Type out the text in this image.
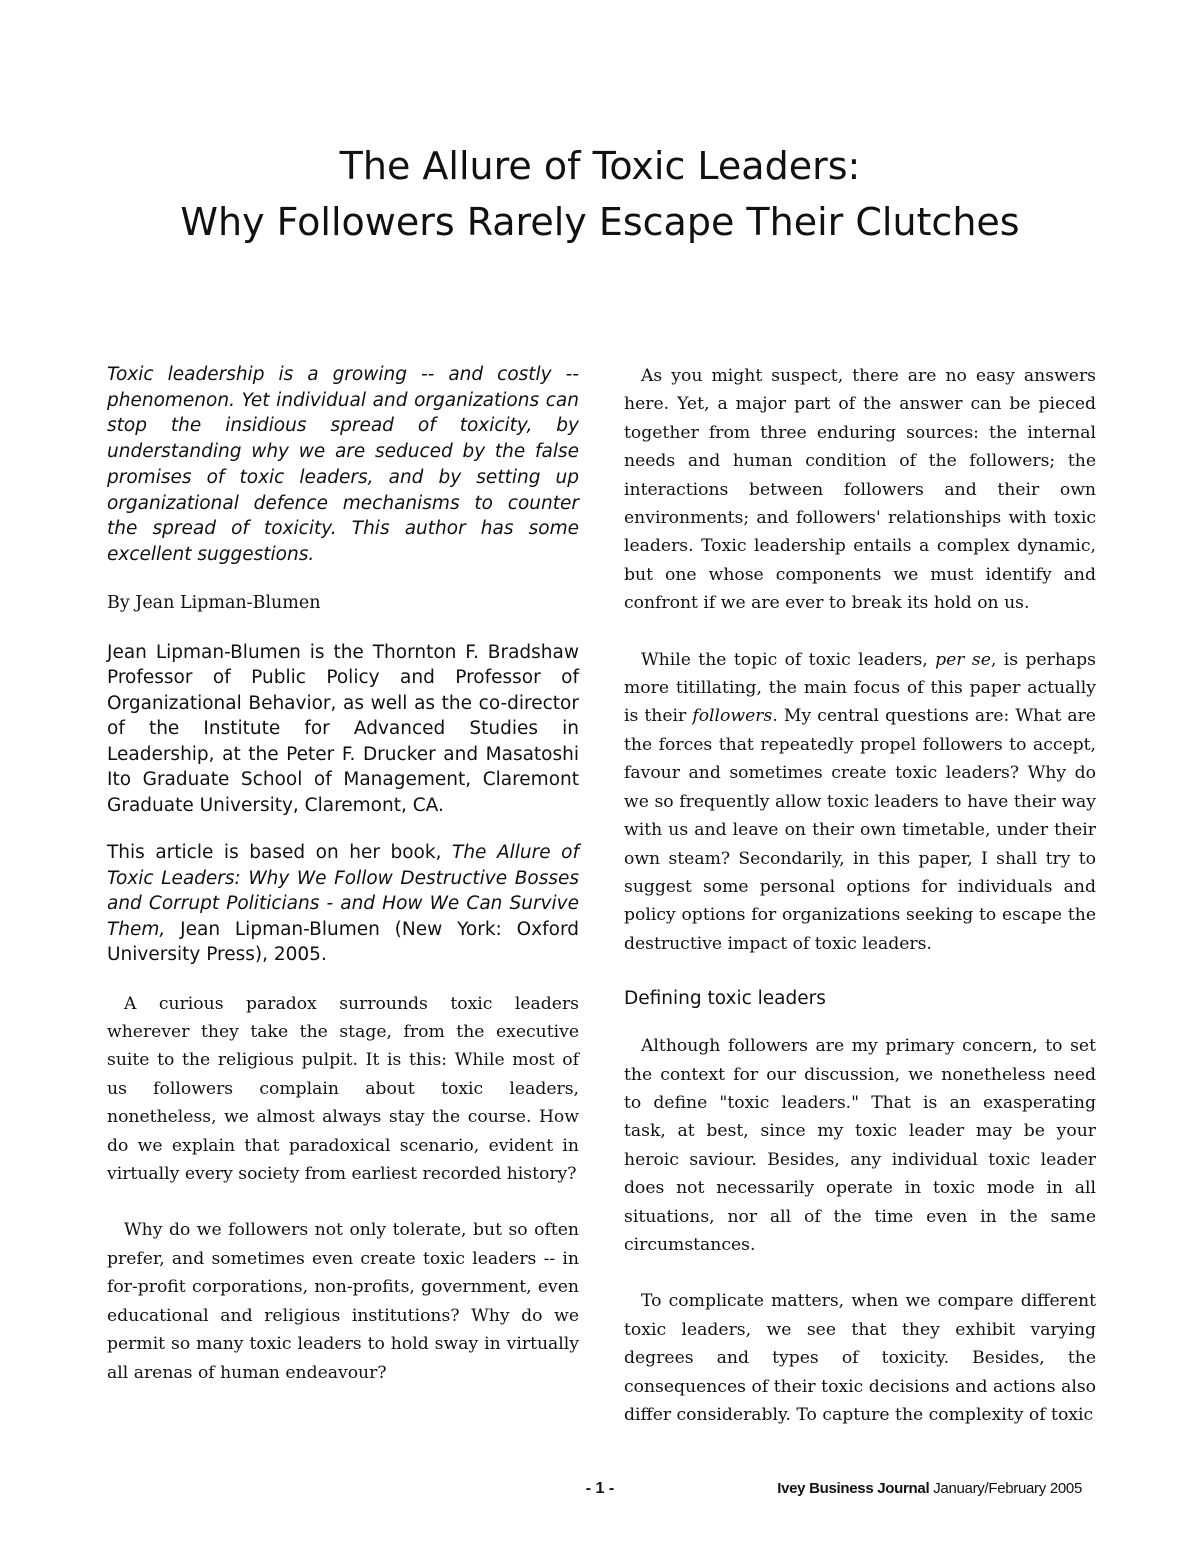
The Allure of Toxic Leaders:
Why Followers Rarely Escape Their Clutches

Toxic leadership is a growing -- and costly -- phenomenon. Yet individual and organizations can stop the insidious spread of toxicity, by understanding why we are seduced by the false promises of toxic leaders, and by setting up organizational defence mechanisms to counter the spread of toxicity. This author has some excellent suggestions.

By Jean Lipman-Blumen

Jean Lipman-Blumen is the Thornton F. Bradshaw Professor of Public Policy and Professor of Organizational Behavior, as well as the co-director of the Institute for Advanced Studies in Leadership, at the Peter F. Drucker and Masatoshi Ito Graduate School of Management, Claremont Graduate University, Claremont, CA.

This article is based on her book, The Allure of Toxic Leaders: Why We Follow Destructive Bosses and Corrupt Politicians - and How We Can Survive Them, Jean Lipman-Blumen (New York: Oxford University Press), 2005.

A curious paradox surrounds toxic leaders wherever they take the stage, from the executive suite to the religious pulpit. It is this: While most of us followers complain about toxic leaders, nonetheless, we almost always stay the course. How do we explain that paradoxical scenario, evident in virtually every society from earliest recorded history?

Why do we followers not only tolerate, but so often prefer, and sometimes even create toxic leaders -- in for-profit corporations, non-profits, government, even educational and religious institutions? Why do we permit so many toxic leaders to hold sway in virtually all arenas of human endeavour?

As you might suspect, there are no easy answers here. Yet, a major part of the answer can be pieced together from three enduring sources: the internal needs and human condition of the followers; the interactions between followers and their own environments; and followers' relationships with toxic leaders. Toxic leadership entails a complex dynamic, but one whose components we must identify and confront if we are ever to break its hold on us.

While the topic of toxic leaders, per se, is perhaps more titillating, the main focus of this paper actually is their followers. My central questions are: What are the forces that repeatedly propel followers to accept, favour and sometimes create toxic leaders? Why do we so frequently allow toxic leaders to have their way with us and leave on their own timetable, under their own steam? Secondarily, in this paper, I shall try to suggest some personal options for individuals and policy options for organizations seeking to escape the destructive impact of toxic leaders.

Defining toxic leaders

Although followers are my primary concern, to set the context for our discussion, we nonetheless need to define "toxic leaders." That is an exasperating task, at best, since my toxic leader may be your heroic saviour. Besides, any individual toxic leader does not necessarily operate in toxic mode in all situations, nor all of the time even in the same circumstances.

To complicate matters, when we compare different toxic leaders, we see that they exhibit varying degrees and types of toxicity. Besides, the consequences of their toxic decisions and actions also differ considerably. To capture the complexity of toxic

- 1 -	Ivey Business Journal January/February 2005
